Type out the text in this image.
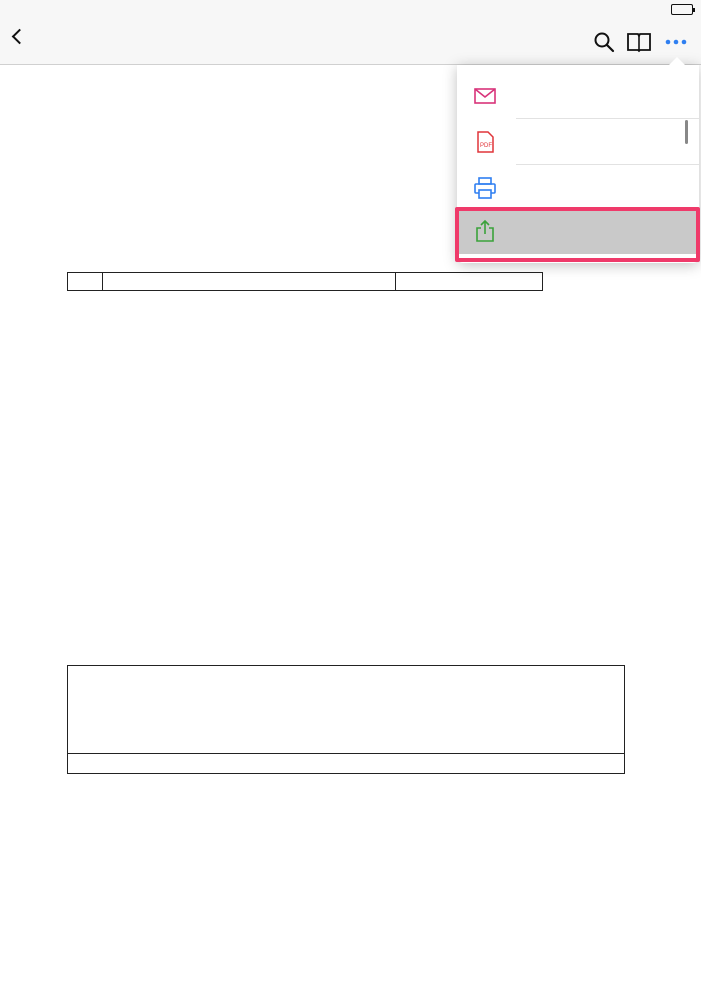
PDF
